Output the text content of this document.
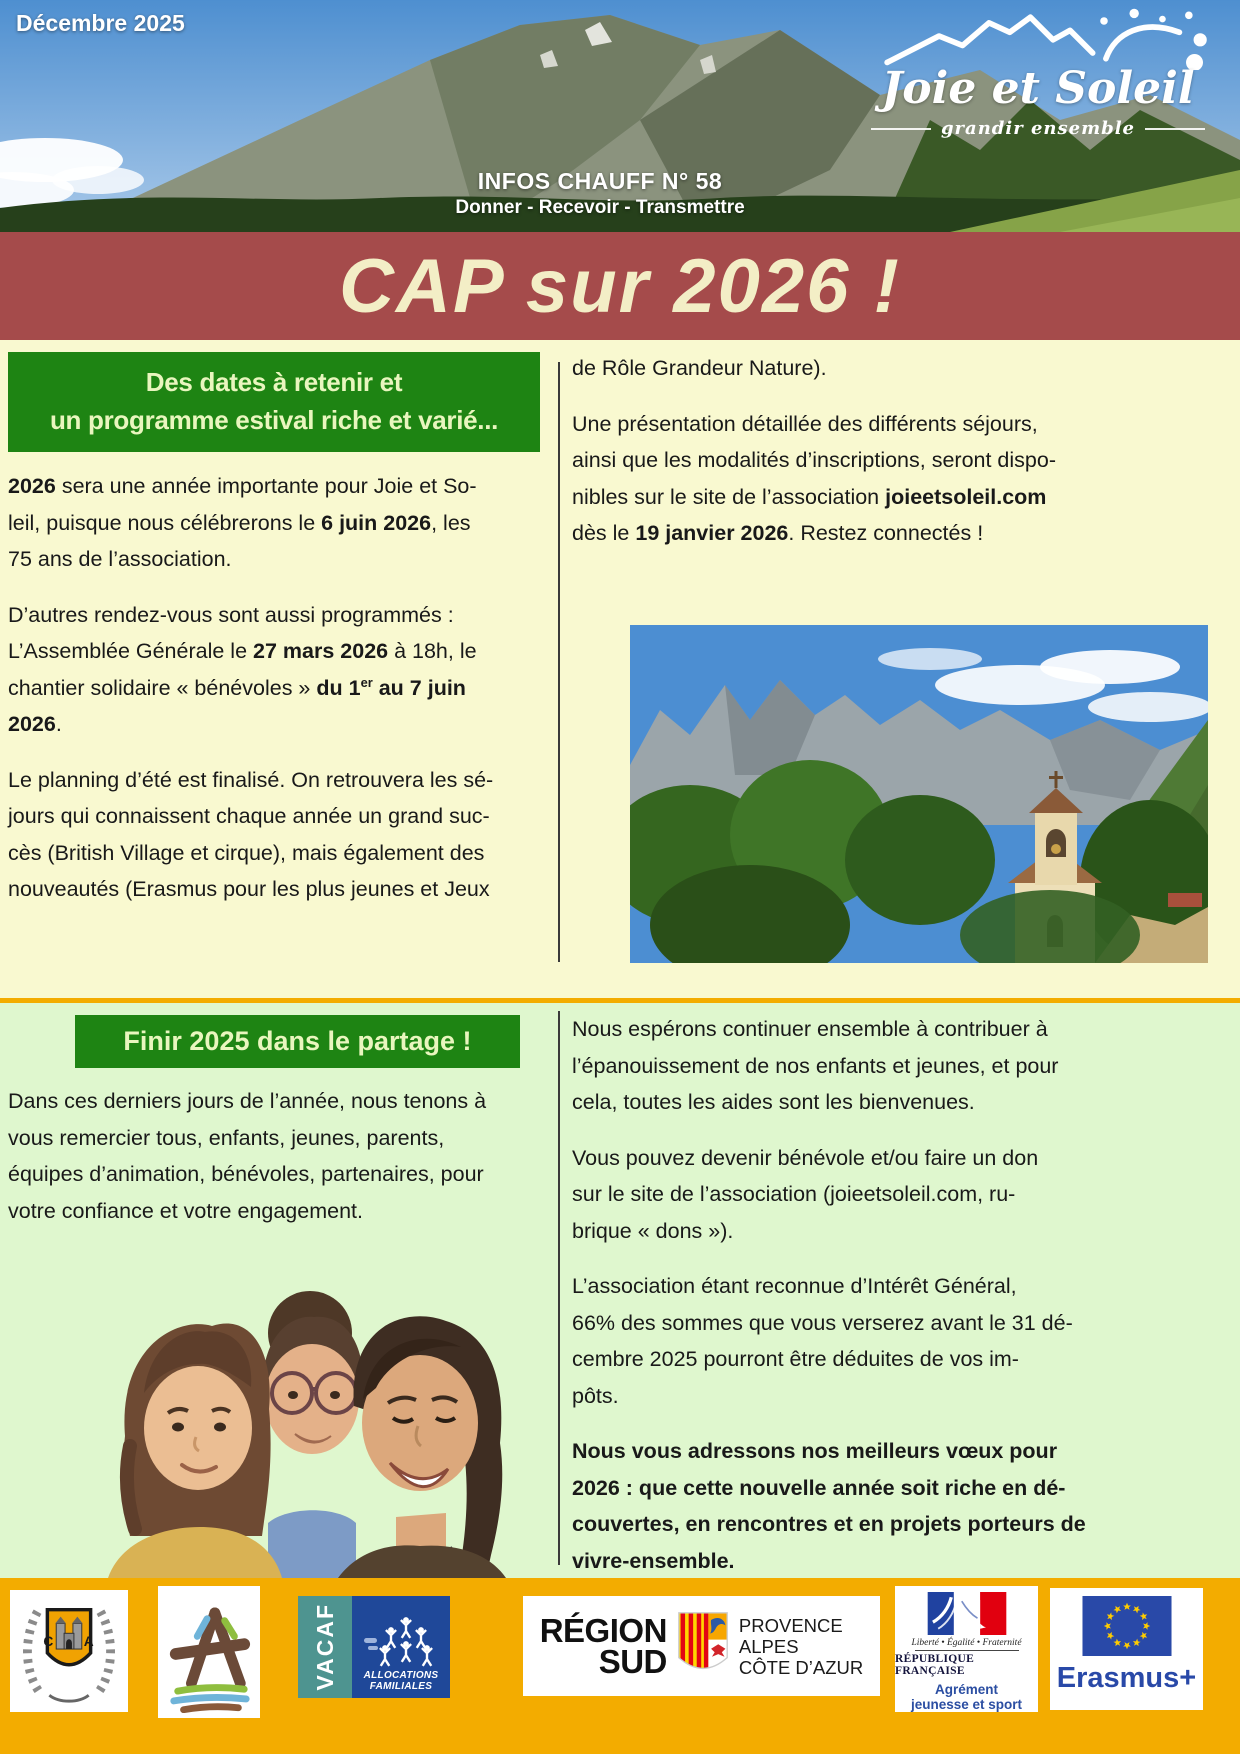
Décembre 2025
Joie et Soleil
grandir ensemble
INFOS CHAUFF N° 58
Donner - Recevoir - Transmettre
CAP sur 2026 !
Des dates à retenir et
un programme estival riche et varié...

2026 sera une année importante pour Joie et So-
leil, puisque nous célébrerons le 6 juin 2026, les
75 ans de l’association.

D’autres rendez-vous sont aussi programmés :
L’Assemblée Générale le 27 mars 2026 à 18h, le
chantier solidaire « bénévoles » du 1er au 7 juin
2026.

Le planning d’été est finalisé. On retrouvera les sé-
jours qui connaissent chaque année un grand suc-
cès (British Village et cirque), mais également des
nouveautés (Erasmus pour les plus jeunes et Jeux

de Rôle Grandeur Nature).

Une présentation détaillée des différents séjours,
ainsi que les modalités d’inscriptions, seront dispo-
nibles sur le site de l’association joieetsoleil.com
dès le 19 janvier 2026. Restez connectés !

Finir 2025 dans le partage !

Dans ces derniers jours de l’année, nous tenons à
vous remercier tous, enfants, jeunes, parents,
équipes d’animation, bénévoles, partenaires, pour
votre confiance et votre engagement.

Nous espérons continuer ensemble à contribuer à
l’épanouissement de nos enfants et jeunes, et pour
cela, toutes les aides sont les bienvenues.

Vous pouvez devenir bénévole et/ou faire un don
sur le site de l’association (joieetsoleil.com, ru-
brique « dons »).

L’association étant reconnue d’Intérêt Général,
66% des sommes que vous verserez avant le 31 dé-
cembre 2025 pourront être déduites de vos im-
pôts.

Nous vous adressons nos meilleurs vœux pour
2026 : que cette nouvelle année soit riche en dé-
couvertes, en rencontres et en projets porteurs de
vivre-ensemble.

C A	VACAF	ALLOCATIONS
FAMILIALES
RÉGION
SUD
PROVENCE
ALPES
CÔTE D’AZUR
Liberté • Égalité • Fraternité
RÉPUBLIQUE FRANÇAISE
Agrément
jeunesse et sport
Erasmus+
